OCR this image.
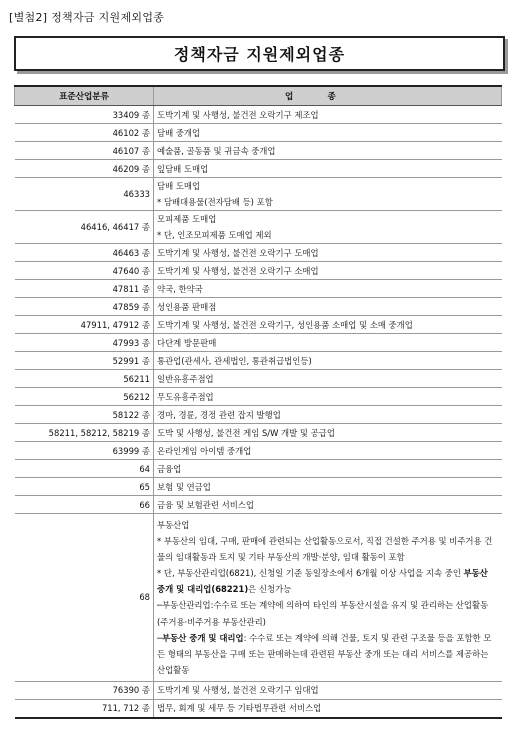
[별첨2] 정책자금 지원제외업종
정책자금 지원제외업종
표준산업분류	업 종

33409 종	도박기계 및 사행성, 불건전 오락기구 제조업

46102 종	담배 중개업

46107 종	예술품, 골동품 및 귀금속 중개업

46209 종	잎담배 도매업

46333	담배 도매업
* 담배대용물(전자담배 등) 포함

46416, 46417 종	모피제품 도매업
* 단, 인조모피제품 도매업 제외

46463 종	도박기계 및 사행성, 불건전 오락기구 도매업

47640 종	도박기계 및 사행성, 불건전 오락기구 소매업

47811 종	약국, 한약국

47859 종	성인용품 판매점

47911, 47912 종	도박기계 및 사행성, 불건전 오락기구, 성인용품 소매업 및 소매 중개업

47993 종	다단계 방문판매

52991 종	통관업(관세사, 관세법인, 통관취급법인등)

56211	일반유흥주점업

56212	무도유흥주점업

58122 종	경마, 경륜, 경정 관련 잡지 발행업

58211, 58212, 58219 종	도박 및 사행성, 불건전 게임 S/W 개발 및 공급업

63999 종	온라인게임 아이템 중개업

64	금융업

65	보험 및 연금업

66	금융 및 보험관련 서비스업

68	부동산업
* 부동산의 임대, 구매, 판매에 관련되는 산업활동으로서, 직접 건설한 주거용 및 비주거용 건물의 임대활동과 토지 및 기타 부동산의 개발·분양, 임대 활동이 포함
* 단, 부동산관리업(6821), 신청일 기준 동일장소에서 6개월 이상 사업을 지속 중인 부동산 중개 및 대리업(68221)은 신청가능
─부동산관리업:수수료 또는 계약에 의하여 타인의 부동산시설을 유지 및 관리하는 산업활동(주거용·비주거용 부동산관리)
─부동산 중개 및 대리업: 수수료 또는 계약에 의해 건물, 토지 및 관련 구조물 등을 포함한 모든 형태의 부동산을 구매 또는 판매하는데 관련된 부동산 중개 또는 대리 서비스를 제공하는 산업활동

76390 종	도박기계 및 사행성, 불건전 오락기구 임대업

711, 712 종	법무, 회계 및 세무 등 기타법무관련 서비스업
